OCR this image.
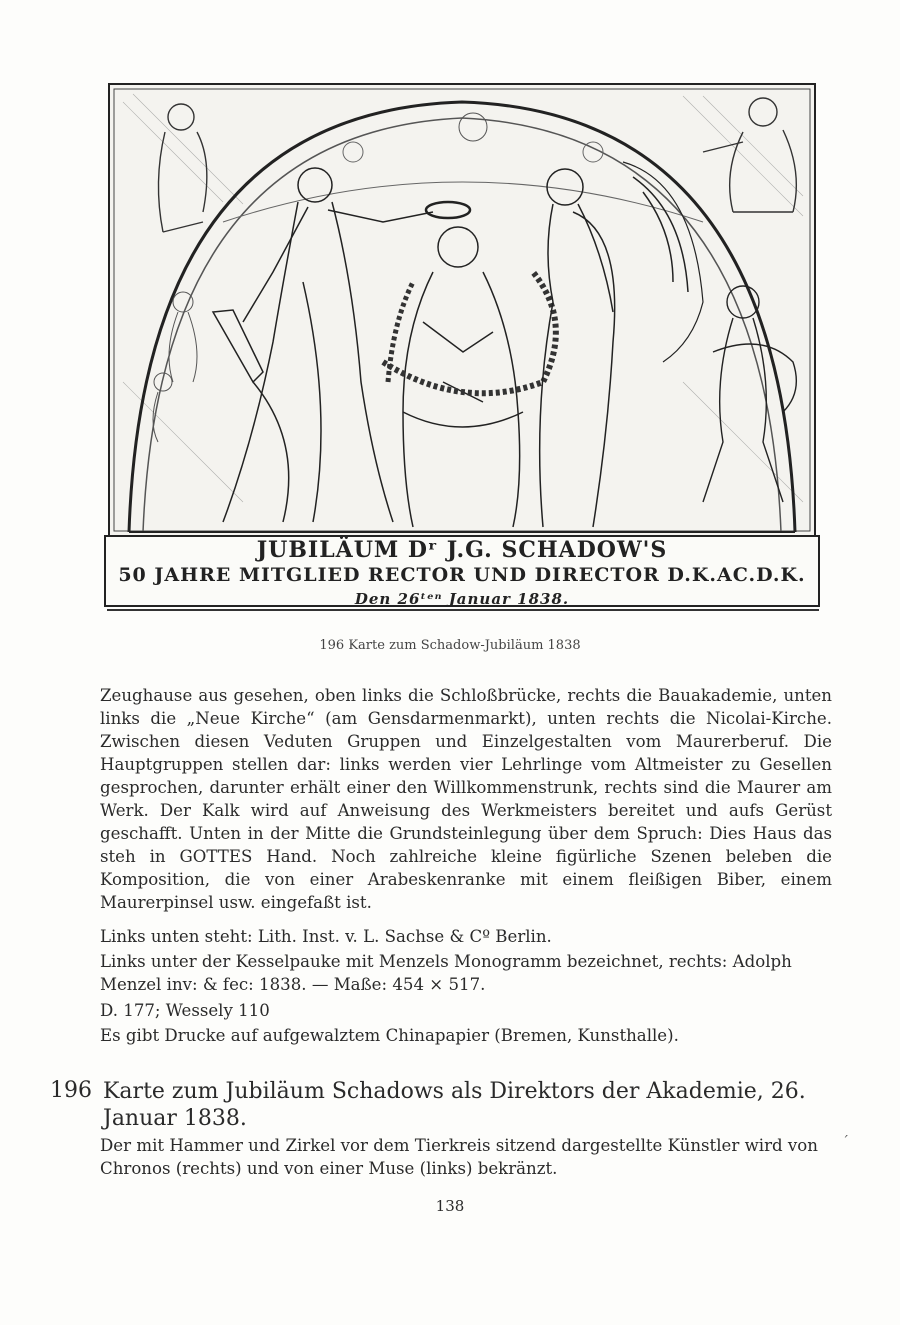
JUBILÄUM Dʳ J.G. SCHADOW'S
50 JAHRE MITGLIED RECTOR UND DIRECTOR D.K.AC.D.K.
Den 26ᵗᵉⁿ Januar 1838.
196 Karte zum Schadow-Jubiläum 1838
Zeughause aus gesehen, oben links die Schloßbrücke, rechts die Bauakademie, unten links die „Neue Kirche“ (am Gensdarmenmarkt), unten rechts die Nicolai-Kirche. Zwischen diesen Veduten Gruppen und Einzelgestalten vom Maurerberuf. Die Hauptgruppen stellen dar: links werden vier Lehrlinge vom Altmeister zu Gesellen gesprochen, darunter erhält einer den Willkommenstrunk, rechts sind die Maurer am Werk. Der Kalk wird auf Anweisung des Werkmeisters bereitet und aufs Gerüst geschafft. Unten in der Mitte die Grundsteinlegung über dem Spruch: Dies Haus das steh in GOTTES Hand. Noch zahlreiche kleine figürliche Szenen beleben die Komposition, die von einer Arabeskenranke mit einem fleißigen Biber, einem Maurerpinsel usw. eingefaßt ist.
Links unten steht: Lith. Inst. v. L. Sachse & Cº Berlin.
Links unter der Kesselpauke mit Menzels Monogramm bezeichnet, rechts: Adolph Menzel inv: & fec: 1838. — Maße: 454 × 517.
D. 177; Wessely 110
Es gibt Drucke auf aufgewalztem Chinapapier (Bremen, Kunsthalle).
196 Karte zum Jubiläum Schadows als Direktors der Akademie, 26. Januar 1838.
Der mit Hammer und Zirkel vor dem Tierkreis sitzend dargestellte Künstler wird von Chronos (rechts) und von einer Muse (links) bekränzt.
´
138
